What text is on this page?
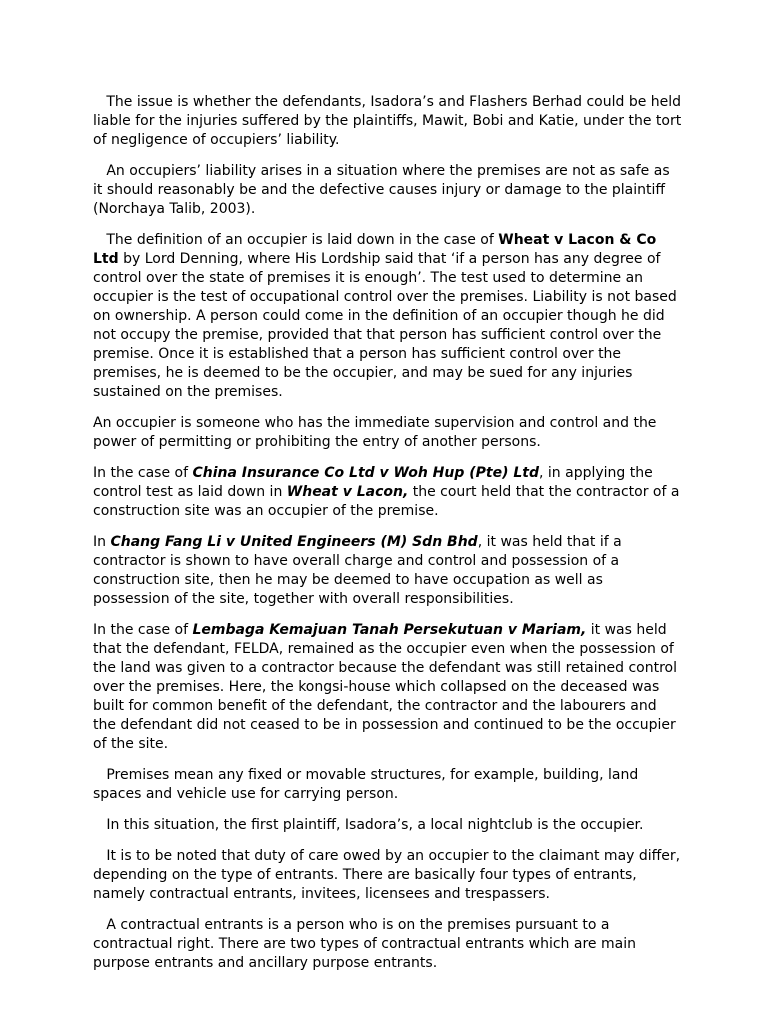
The issue is whether the defendants, Isadora’s and Flashers Berhad could be held liable for the injuries suffered by the plaintiffs, Mawit, Bobi and Katie, under the tort of negligence of occupiers’ liability.

An occupiers’ liability arises in a situation where the premises are not as safe as it should reasonably be and the defective causes injury or damage to the plaintiff (Norchaya Talib, 2003).

The definition of an occupier is laid down in the case of Wheat v Lacon & Co Ltd by Lord Denning, where His Lordship said that ‘if a person has any degree of control over the state of premises it is enough’. The test used to determine an occupier is the test of occupational control over the premises. Liability is not based on ownership. A person could come in the definition of an occupier though he did not occupy the premise, provided that that person has sufficient control over the premise. Once it is established that a person has sufficient control over the premises, he is deemed to be the occupier, and may be sued for any injuries sustained on the premises.

An occupier is someone who has the immediate supervision and control and the power of permitting or prohibiting the entry of another persons.

In the case of China Insurance Co Ltd v Woh Hup (Pte) Ltd, in applying the control test as laid down in Wheat v Lacon, the court held that the contractor of a construction site was an occupier of the premise.

In Chang Fang Li v United Engineers (M) Sdn Bhd, it was held that if a contractor is shown to have overall charge and control and possession of a construction site, then he may be deemed to have occupation as well as possession of the site, together with overall responsibilities.

In the case of Lembaga Kemajuan Tanah Persekutuan v Mariam, it was held that the defendant, FELDA, remained as the occupier even when the possession of the land was given to a contractor because the defendant was still retained control over the premises. Here, the kongsi-house which collapsed on the deceased was built for common benefit of the defendant, the contractor and the labourers and the defendant did not ceased to be in possession and continued to be the occupier of the site.

Premises mean any fixed or movable structures, for example, building, land spaces and vehicle use for carrying person.

In this situation, the first plaintiff, Isadora’s, a local nightclub is the occupier.

It is to be noted that duty of care owed by an occupier to the claimant may differ, depending on the type of entrants. There are basically four types of entrants, namely contractual entrants, invitees, licensees and trespassers.

A contractual entrants is a person who is on the premises pursuant to a contractual right. There are two types of contractual entrants which are main purpose entrants and ancillary purpose entrants.
